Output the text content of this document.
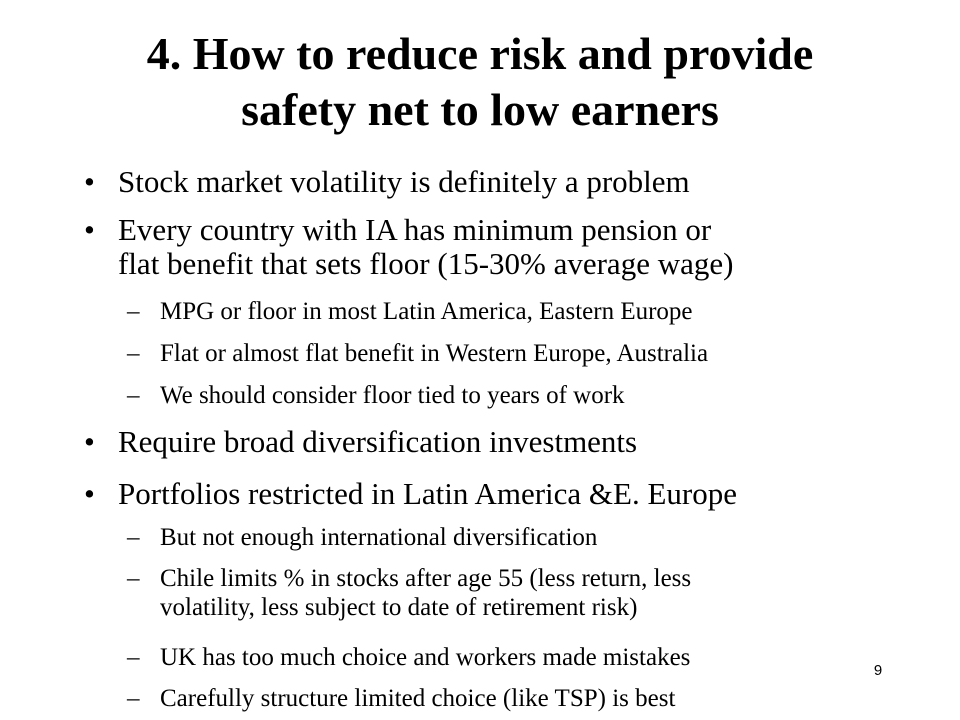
4. How to reduce risk and provide
safety net to low earners
• Stock market volatility is definitely a problem
• Every country with IA has minimum pension or
flat benefit that sets floor (15-30% average wage)
– MPG or floor in most Latin America, Eastern Europe
– Flat or almost flat benefit in Western Europe, Australia
– We should consider floor tied to years of work
• Require broad diversification investments
• Portfolios restricted in Latin America &E. Europe
– But not enough international diversification
– Chile limits % in stocks after age 55 (less return, less
volatility, less subject to date of retirement risk)
– UK has too much choice and workers made mistakes
– Carefully structure limited choice (like TSP) is best
9
